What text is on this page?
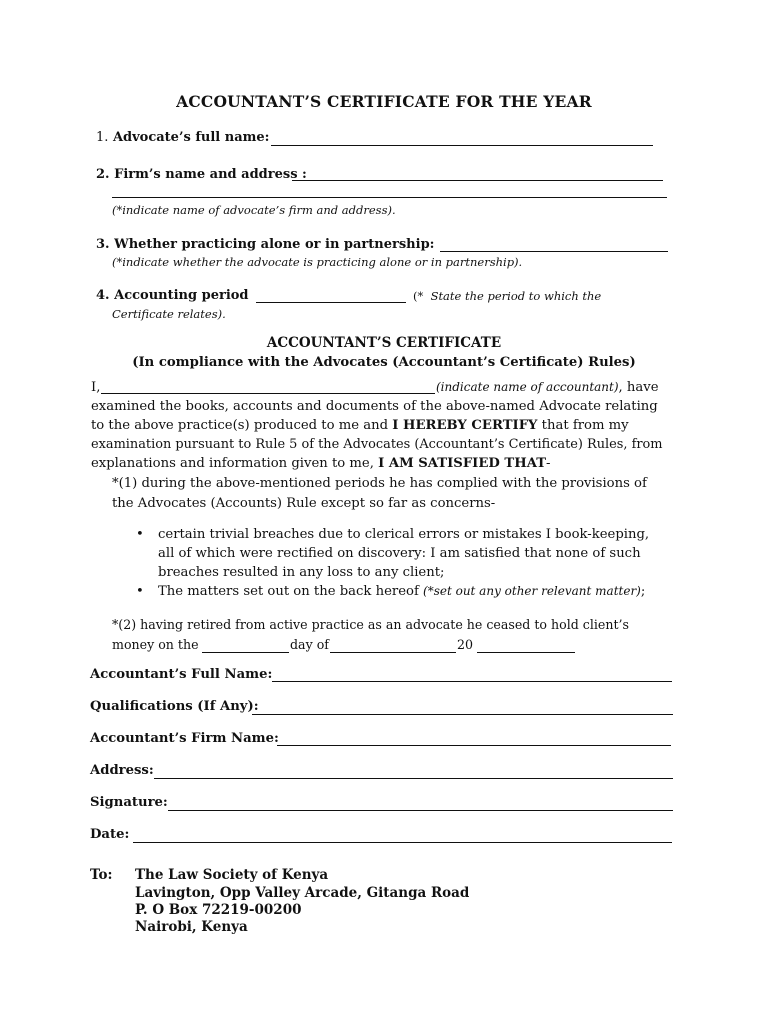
ACCOUNTANT’S CERTIFICATE FOR THE YEAR
1. Advocate’s full name:
2. Firm’s name and address :
(*indicate name of advocate’s firm and address).
3. Whether practicing alone or in partnership:
(*indicate whether the advocate is practicing alone or in partnership).
4. Accounting period	(* State the period to which the
Certificate relates).
ACCOUNTANT’S CERTIFICATE
(In compliance with the Advocates (Accountant’s Certificate) Rules)
I,	(indicate name of accountant), have
examined the books, accounts and documents of the above-named Advocate relating
to the above practice(s) produced to me and I HEREBY CERTIFY that from my
examination pursuant to Rule 5 of the Advocates (Accountant’s Certificate) Rules, from
explanations and information given to me, I AM SATISFIED THAT-
*(1) during the above-mentioned periods he has complied with the provisions of
the Advocates (Accounts) Rule except so far as concerns-
• certain trivial breaches due to clerical errors or mistakes I book-keeping,
all of which were rectified on discovery: I am satisfied that none of such
breaches resulted in any loss to any client;
• The matters set out on the back hereof (*set out any other relevant matter);
*(2) having retired from active practice as an advocate he ceased to hold client’s
money on the	day of	20
Accountant’s Full Name:
Qualifications (If Any):
Accountant’s Firm Name:
Address:
Signature:
Date:
To: The Law Society of Kenya
Lavington, Opp Valley Arcade, Gitanga Road
P. O Box 72219-00200
Nairobi, Kenya
